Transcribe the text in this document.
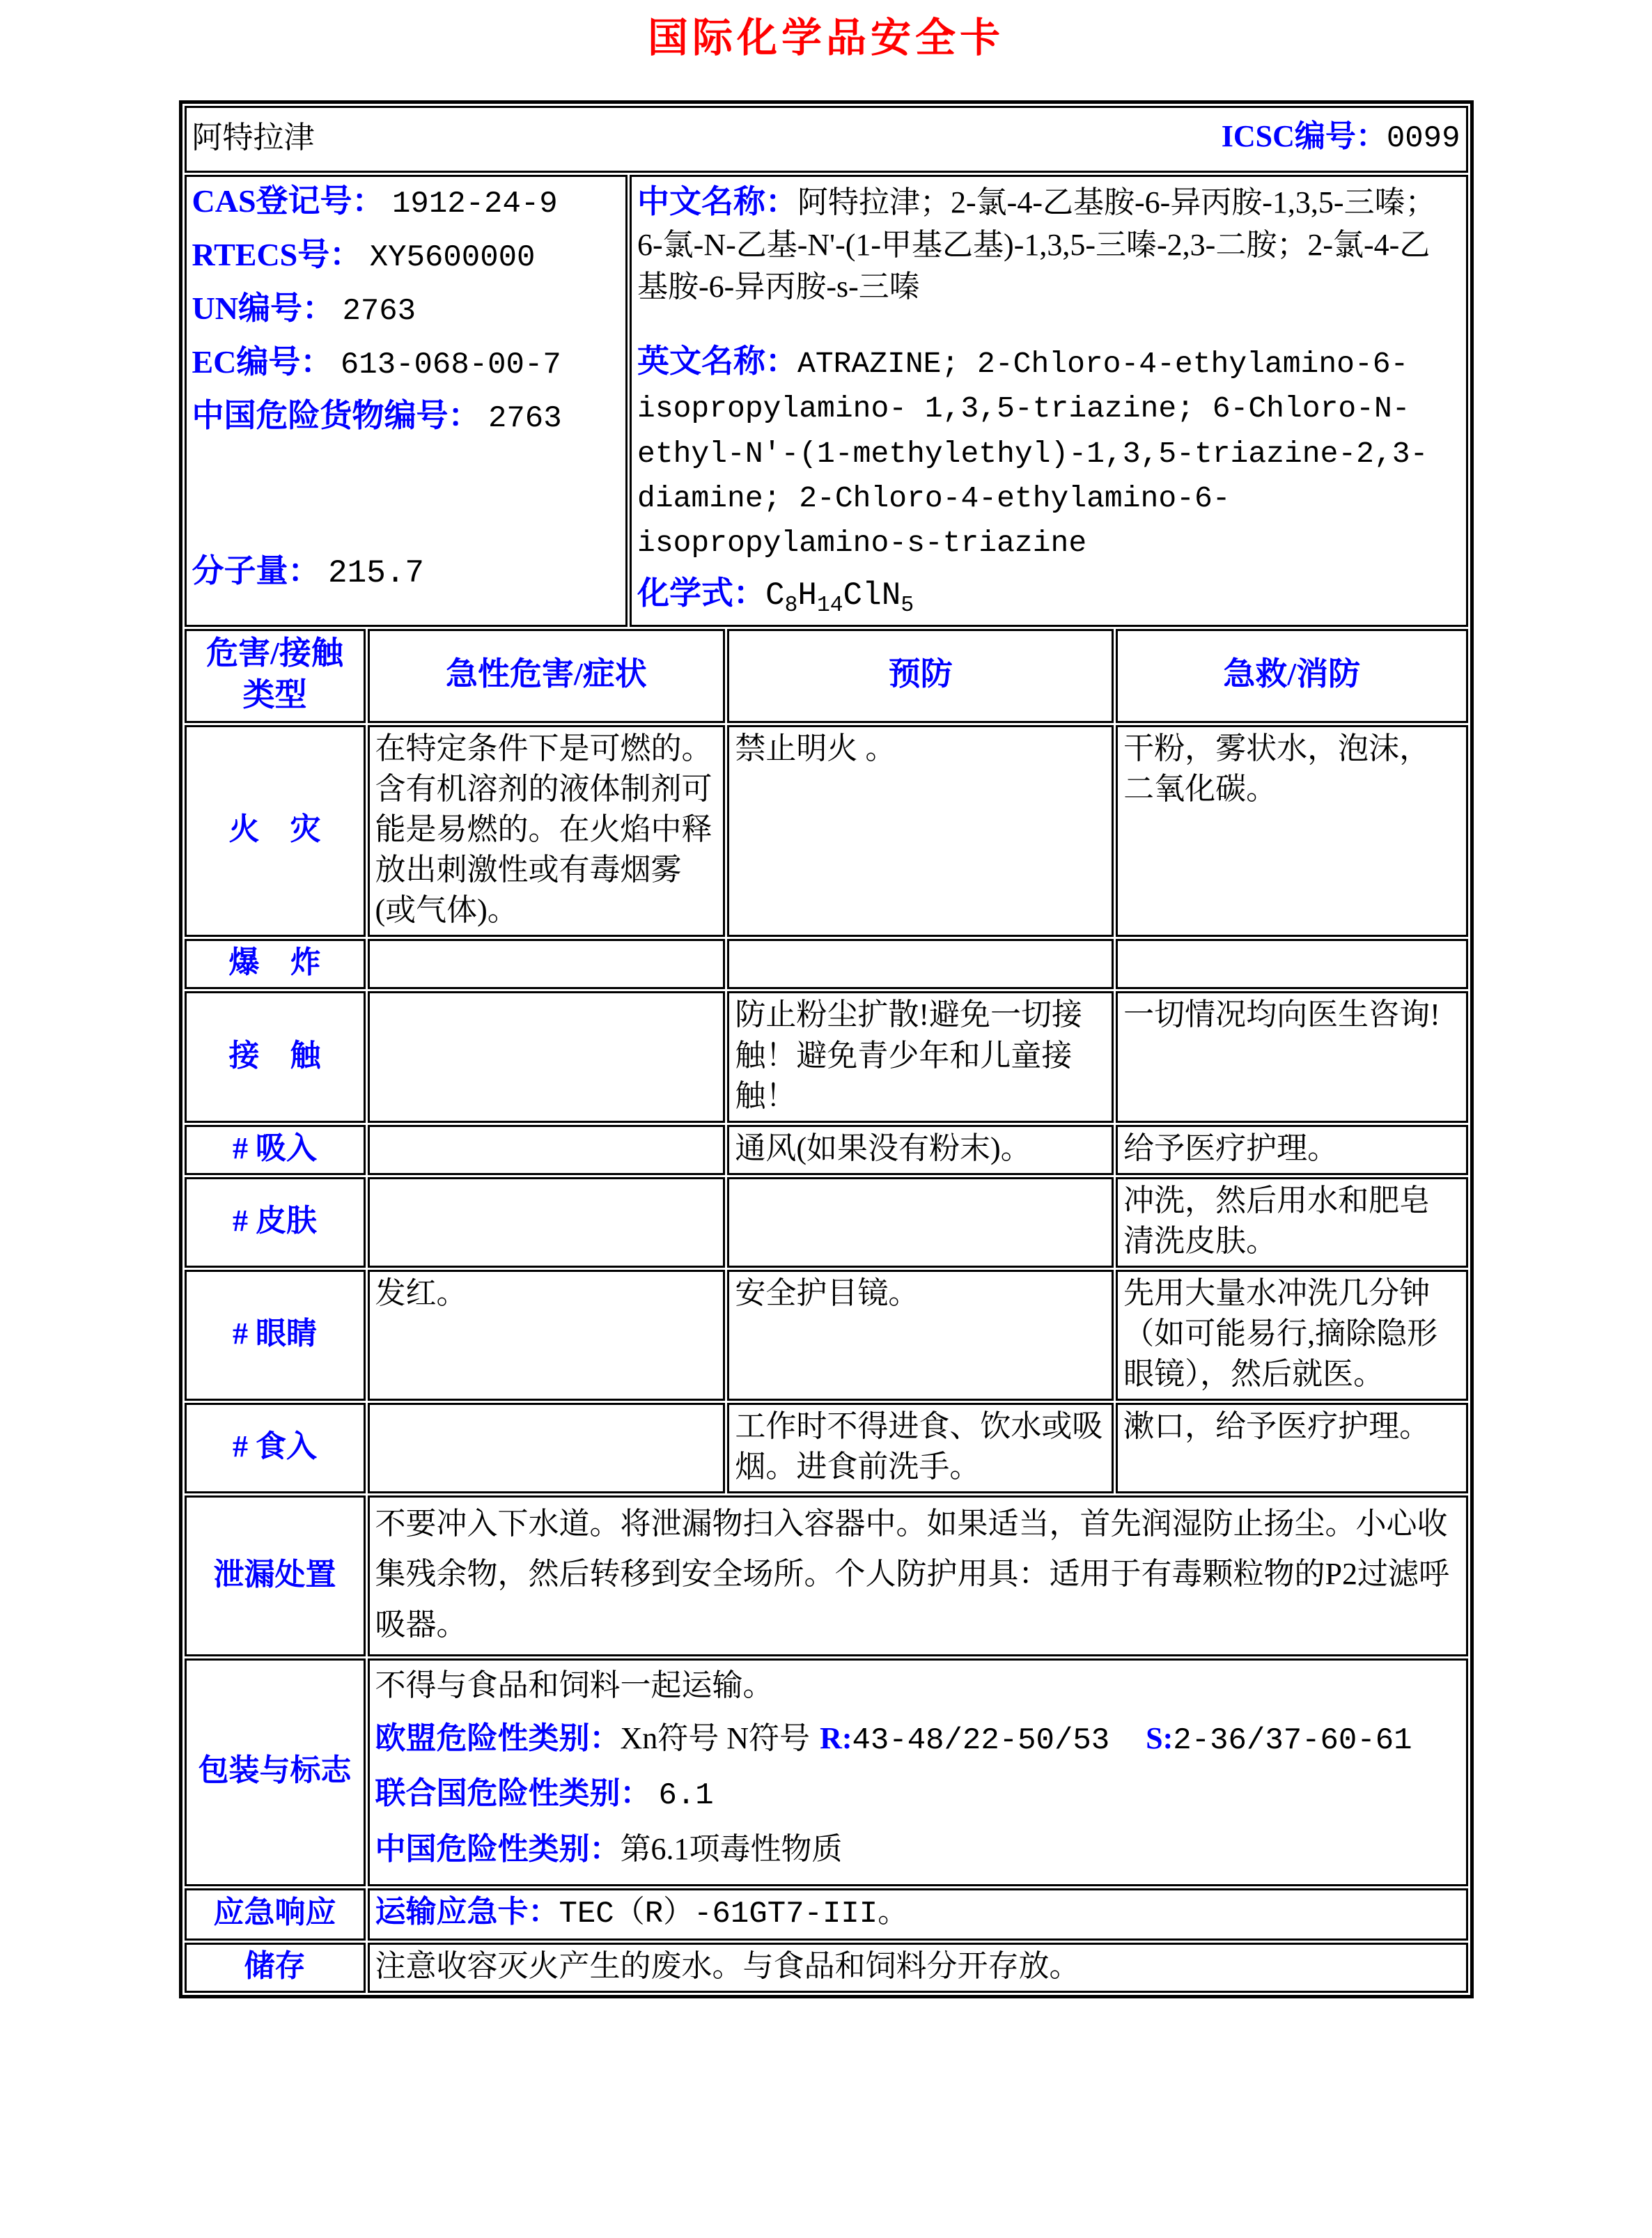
国际化学品安全卡
阿特拉津 ICSC编号：0099				

CAS登记号： 1912-24-9
RTECS号： XY5600000
UN编号： 2763
EC编号： 613-068-00-7
中国危险货物编号： 2763
分子量： 215.7

中文名称：阿特拉津；2-氯-4-乙基胺-6-异丙胺-1,3,5-三嗪；6-氯-N-乙基-N'-(1-甲基乙基)-1,3,5-三嗪-2,3-二胺；2-氯-4-乙基胺-6-异丙胺-s-三嗪
英文名称：ATRAZINE; 2-Chloro-4-ethylamino-6-isopropylamino- 1,3,5-triazine; 6-Chloro-N-ethyl-N'-(1-methylethyl)-1,3,5-triazine-2,3-diamine; 2-Chloro-4-ethylamino-6-isopropylamino-s-triazine
化学式：$C_8H_{14}ClN_5$

危害/接触类型	急性危害/症状		预防	急救/消防
火　灾	在特定条件下是可燃的。含有机溶剂的液体制剂可能是易燃的。在火焰中释放出刺激性或有毒烟雾(或气体)。		禁止明火 。	干粉，雾状水，泡沫，二氧化碳。
爆　炸				
接　触			防止粉尘扩散!避免一切接触！避免青少年和儿童接触！	一切情况均向医生咨询!
# 吸入			通风(如果没有粉末)。	给予医疗护理。
# 皮肤				冲洗，然后用水和肥皂清洗皮肤。
# 眼睛	发红。		安全护目镜。	先用大量水冲洗几分钟（如可能易行,摘除隐形眼镜），然后就医。
# 食入			工作时不得进食、饮水或吸烟。进食前洗手。	漱口，给予医疗护理。
泄漏处置	不要冲入下水道。将泄漏物扫入容器中。如果适当，首先润湿防止扬尘。小心收集残余物，然后转移到安全场所。个人防护用具：适用于有毒颗粒物的P2过滤呼吸器。			
包装与标志	不得与食品和饲料一起运输。
欧盟危险性类别：Xn符号 N符号 R:43-48/22-50/53 S:2-36/37-60-61
联合国危险性类别： 6.1
中国危险性类别：第6.1项毒性物质			

应急响应	运输应急卡：TEC（R）-61GT7-III。			
储存	注意收容灭火产生的废水。与食品和饲料分开存放。			
